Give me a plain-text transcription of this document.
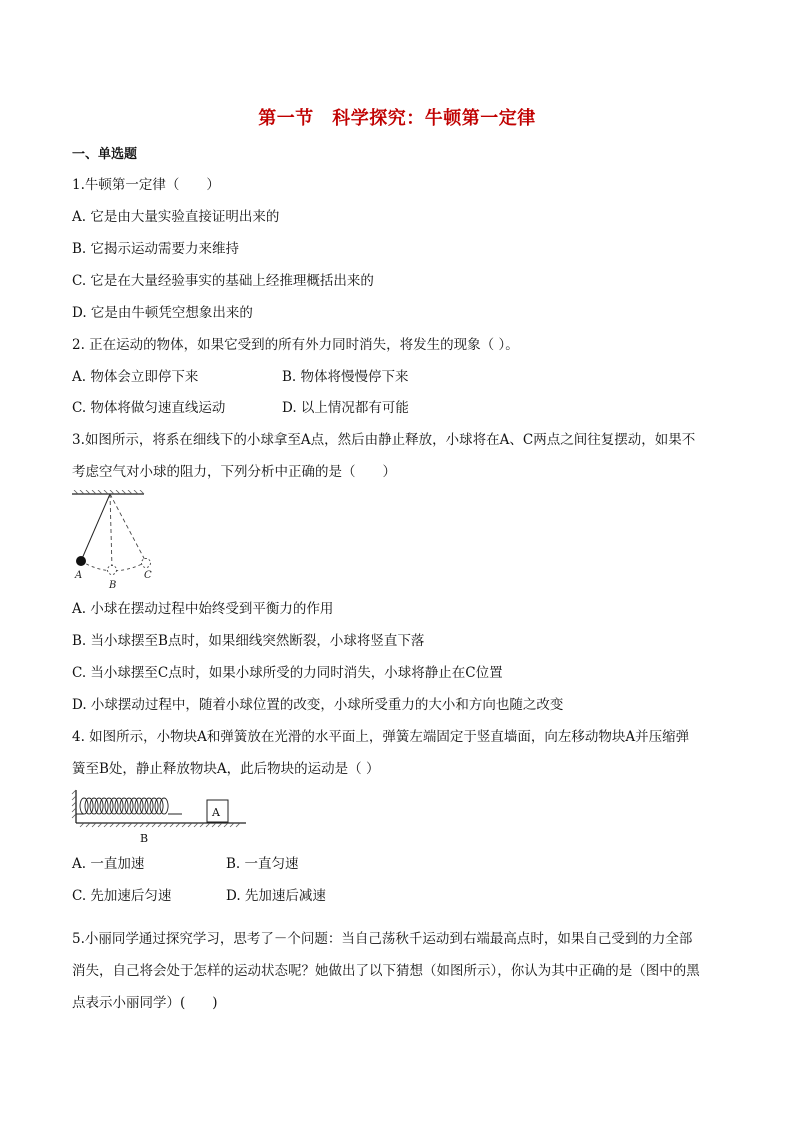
第一节　科学探究：牛顿第一定律
一、单选题
1.牛顿第一定律（　　）
A. 它是由大量实验直接证明出来的
B. 它揭示运动需要力来维持
C. 它是在大量经验事实的基础上经推理概括出来的
D. 它是由牛顿凭空想象出来的
2. 正在运动的物体，如果它受到的所有外力同时消失，将发生的现象（ ）。
A. 物体会立即停下来	B. 物体将慢慢停下来
C. 物体将做匀速直线运动	D. 以上情况都有可能
3.如图所示，将系在细线下的小球拿至A点，然后由静止释放，小球将在A、C两点之间往复摆动，如果不
考虑空气对小球的阻力，下列分析中正确的是（　　）
A
B
C
A. 小球在摆动过程中始终受到平衡力的作用
B. 当小球摆至B点时，如果细线突然断裂，小球将竖直下落
C. 当小球摆至C点时，如果小球所受的力同时消失，小球将静止在C位置
D. 小球摆动过程中，随着小球位置的改变，小球所受重力的大小和方向也随之改变
4. 如图所示，小物块A和弹簧放在光滑的水平面上，弹簧左端固定于竖直墙面，向左移动物块A并压缩弹
簧至B处，静止释放物块A，此后物块的运动是（ ）
A
B
A. 一直加速	B. 一直匀速
C. 先加速后匀速	D. 先加速后减速
5.小丽同学通过探究学习，思考了－个问题：当自己荡秋千运动到右端最高点时，如果自己受到的力全部
消失，自己将会处于怎样的运动状态呢？她做出了以下猜想（如图所示），你认为其中正确的是（图中的黑
点表示小丽同学）(　　)
